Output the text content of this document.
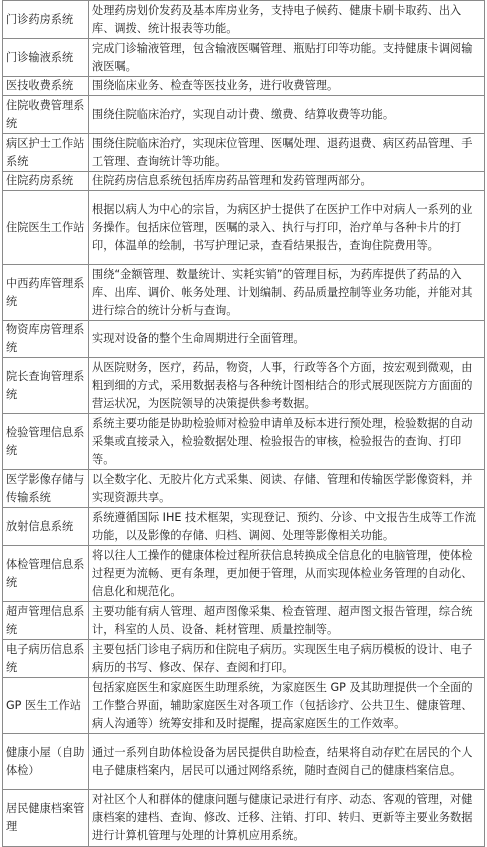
门诊药房系统	处理药房划价发药及基本库房业务，支持电子候药、健康卡刷卡取药、出入库、调拨、统计报表等功能。
门诊输液系统	完成门诊输液管理，包含输液医嘱管理、瓶贴打印等功能。支持健康卡调阅输液医嘱。
医技收费系统	围绕临床业务、检查等医技业务，进行收费管理。
住院收费管理系统	围绕住院临床治疗，实现自动计费、缴费、结算收费等功能。
病区护士工作站系统	围绕住院临床治疗，实现床位管理、医嘱处理、退药退费、病区药品管理、手工管理、查询统计等功能。
住院药房系统	住院药房信息系统包括库房药品管理和发药管理两部分。
住院医生工作站	根据以病人为中心的宗旨，为病区护士提供了在医护工作中对病人一系列的业务操作。包括床位管理，医嘱的录入、执行与打印，治疗单与各种卡片的打印，体温单的绘制，书写护理记录，查看结果报告，查询住院费用等。
中西药库管理系统	围绕“金额管理、数量统计、实耗实销”的管理目标，为药库提供了药品的入库、出库、调价、帐务处理、计划编制、药品质量控制等业务功能，并能对其进行综合的统计分析与查询。
物资库房管理系统	实现对设备的整个生命周期进行全面管理。
院长查询管理系统	从医院财务，医疗，药品，物资，人事，行政等各个方面，按宏观到微观，由粗到细的方式，采用数据表格与各种统计图相结合的形式展现医院方方面面的营运状况，为医院领导的决策提供参考数据。
检验管理信息系统	系统主要功能是协助检验师对检验申请单及标本进行预处理，检验数据的自动采集或直接录入，检验数据处理、检验报告的审核，检验报告的查询、打印等。
医学影像存储与传输系统	以全数字化、无胶片化方式采集、阅读、存储、管理和传输医学影像资料，并实现资源共享。
放射信息系统	系统遵循国际 IHE 技术框架，实现登记、预约、分诊、中文报告生成等工作流功能，以及影像的存储、归档、调阅、处理等影像相关功能。
体检管理信息系统	将以往人工操作的健康体检过程所获信息转换成全信息化的电脑管理，使体检过程更为流畅、更有条理，更加便于管理，从而实现体检业务管理的自动化、信息化和规范化。
超声管理信息系统	主要功能有病人管理、超声图像采集、检查管理、超声图文报告管理，综合统计，科室的人员、设备、耗材管理、质量控制等。
电子病历信息系统	主要包括门诊电子病历和住院电子病历。实现医生电子病历模板的设计、电子病历的书写、修改、保存、查阅和打印。
GP 医生工作站	包括家庭医生和家庭医生助理系统，为家庭医生 GP 及其助理提供一个全面的工作整合界面，辅助家庭医生对各项工作（包括诊疗、公共卫生、健康管理、病人沟通等）统筹安排和及时提醒，提高家庭医生的工作效率。
健康小屋（自助体检）	通过一系列自助体检设备为居民提供自助检查，结果将自动存贮在居民的个人电子健康档案内，居民可以通过网络系统，随时查阅自己的健康档案信息。
居民健康档案管理	对社区个人和群体的健康问题与健康记录进行有序、动态、客观的管理，对健康档案的建档、查询、修改、迁移、注销、打印、转归、更新等主要业务数据进行计算机管理与处理的计算机应用系统。
